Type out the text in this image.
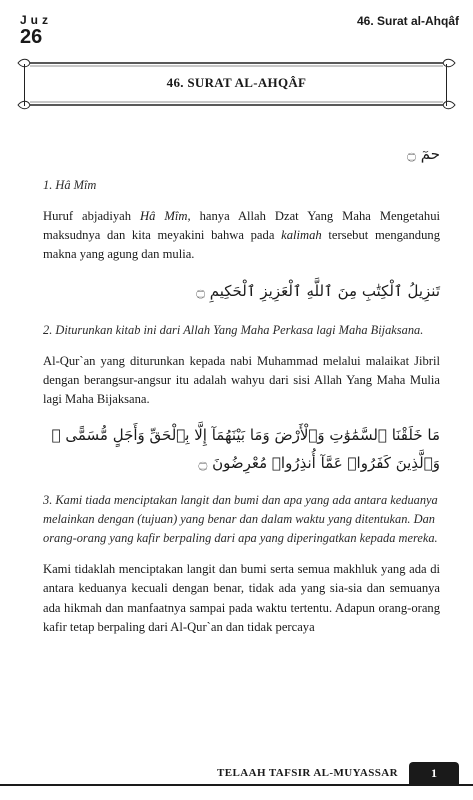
Juz
26
46. Surat al-Ahqâf
46. SURAT AL-AHQÂF
حمٓ ۝
1. Hâ Mîm
Huruf abjadiyah Hâ Mîm, hanya Allah Dzat Yang Maha Mengetahui maksudnya dan kita meyakini bahwa pada kalimah tersebut mengandung makna yang agung dan mulia.
تَنزِيلُ ٱلْكِتَٰبِ مِنَ ٱللَّهِ ٱلْعَزِيزِ ٱلْحَكِيمِ ۝
2. Diturunkan kitab ini dari Allah Yang Maha Perkasa lagi Maha Bijaksana.
Al-Qur`an yang diturunkan kepada nabi Muhammad melalui malaikat Jibril dengan berangsur-angsur itu adalah wahyu dari sisi Allah Yang Maha Mulia lagi Maha Bijaksana.
مَا خَلَقْنَا ٱلسَّمَٰوَٰتِ وَٱلْأَرْضَ وَمَا بَيْنَهُمَآ إِلَّا بِٱلْحَقِّ وَأَجَلٍ مُّسَمًّى ۚ وَٱلَّذِينَ كَفَرُوا۟ عَمَّآ أُنذِرُوا۟ مُعْرِضُونَ ۝
3. Kami tiada menciptakan langit dan bumi dan apa yang ada antara keduanya melainkan dengan (tujuan) yang benar dan dalam waktu yang ditentukan. Dan orang-orang yang kafir berpaling dari apa yang diperingatkan kepada mereka.
Kami tidaklah menciptakan langit dan bumi serta semua makhluk yang ada di antara keduanya kecuali dengan benar, tidak ada yang sia-sia dan semuanya ada hikmah dan manfaatnya sampai pada waktu tertentu. Adapun orang-orang kafir tetap berpaling dari Al-Qur`an dan tidak percaya
TELAAH TAFSIR AL-MUYASSAR	1
